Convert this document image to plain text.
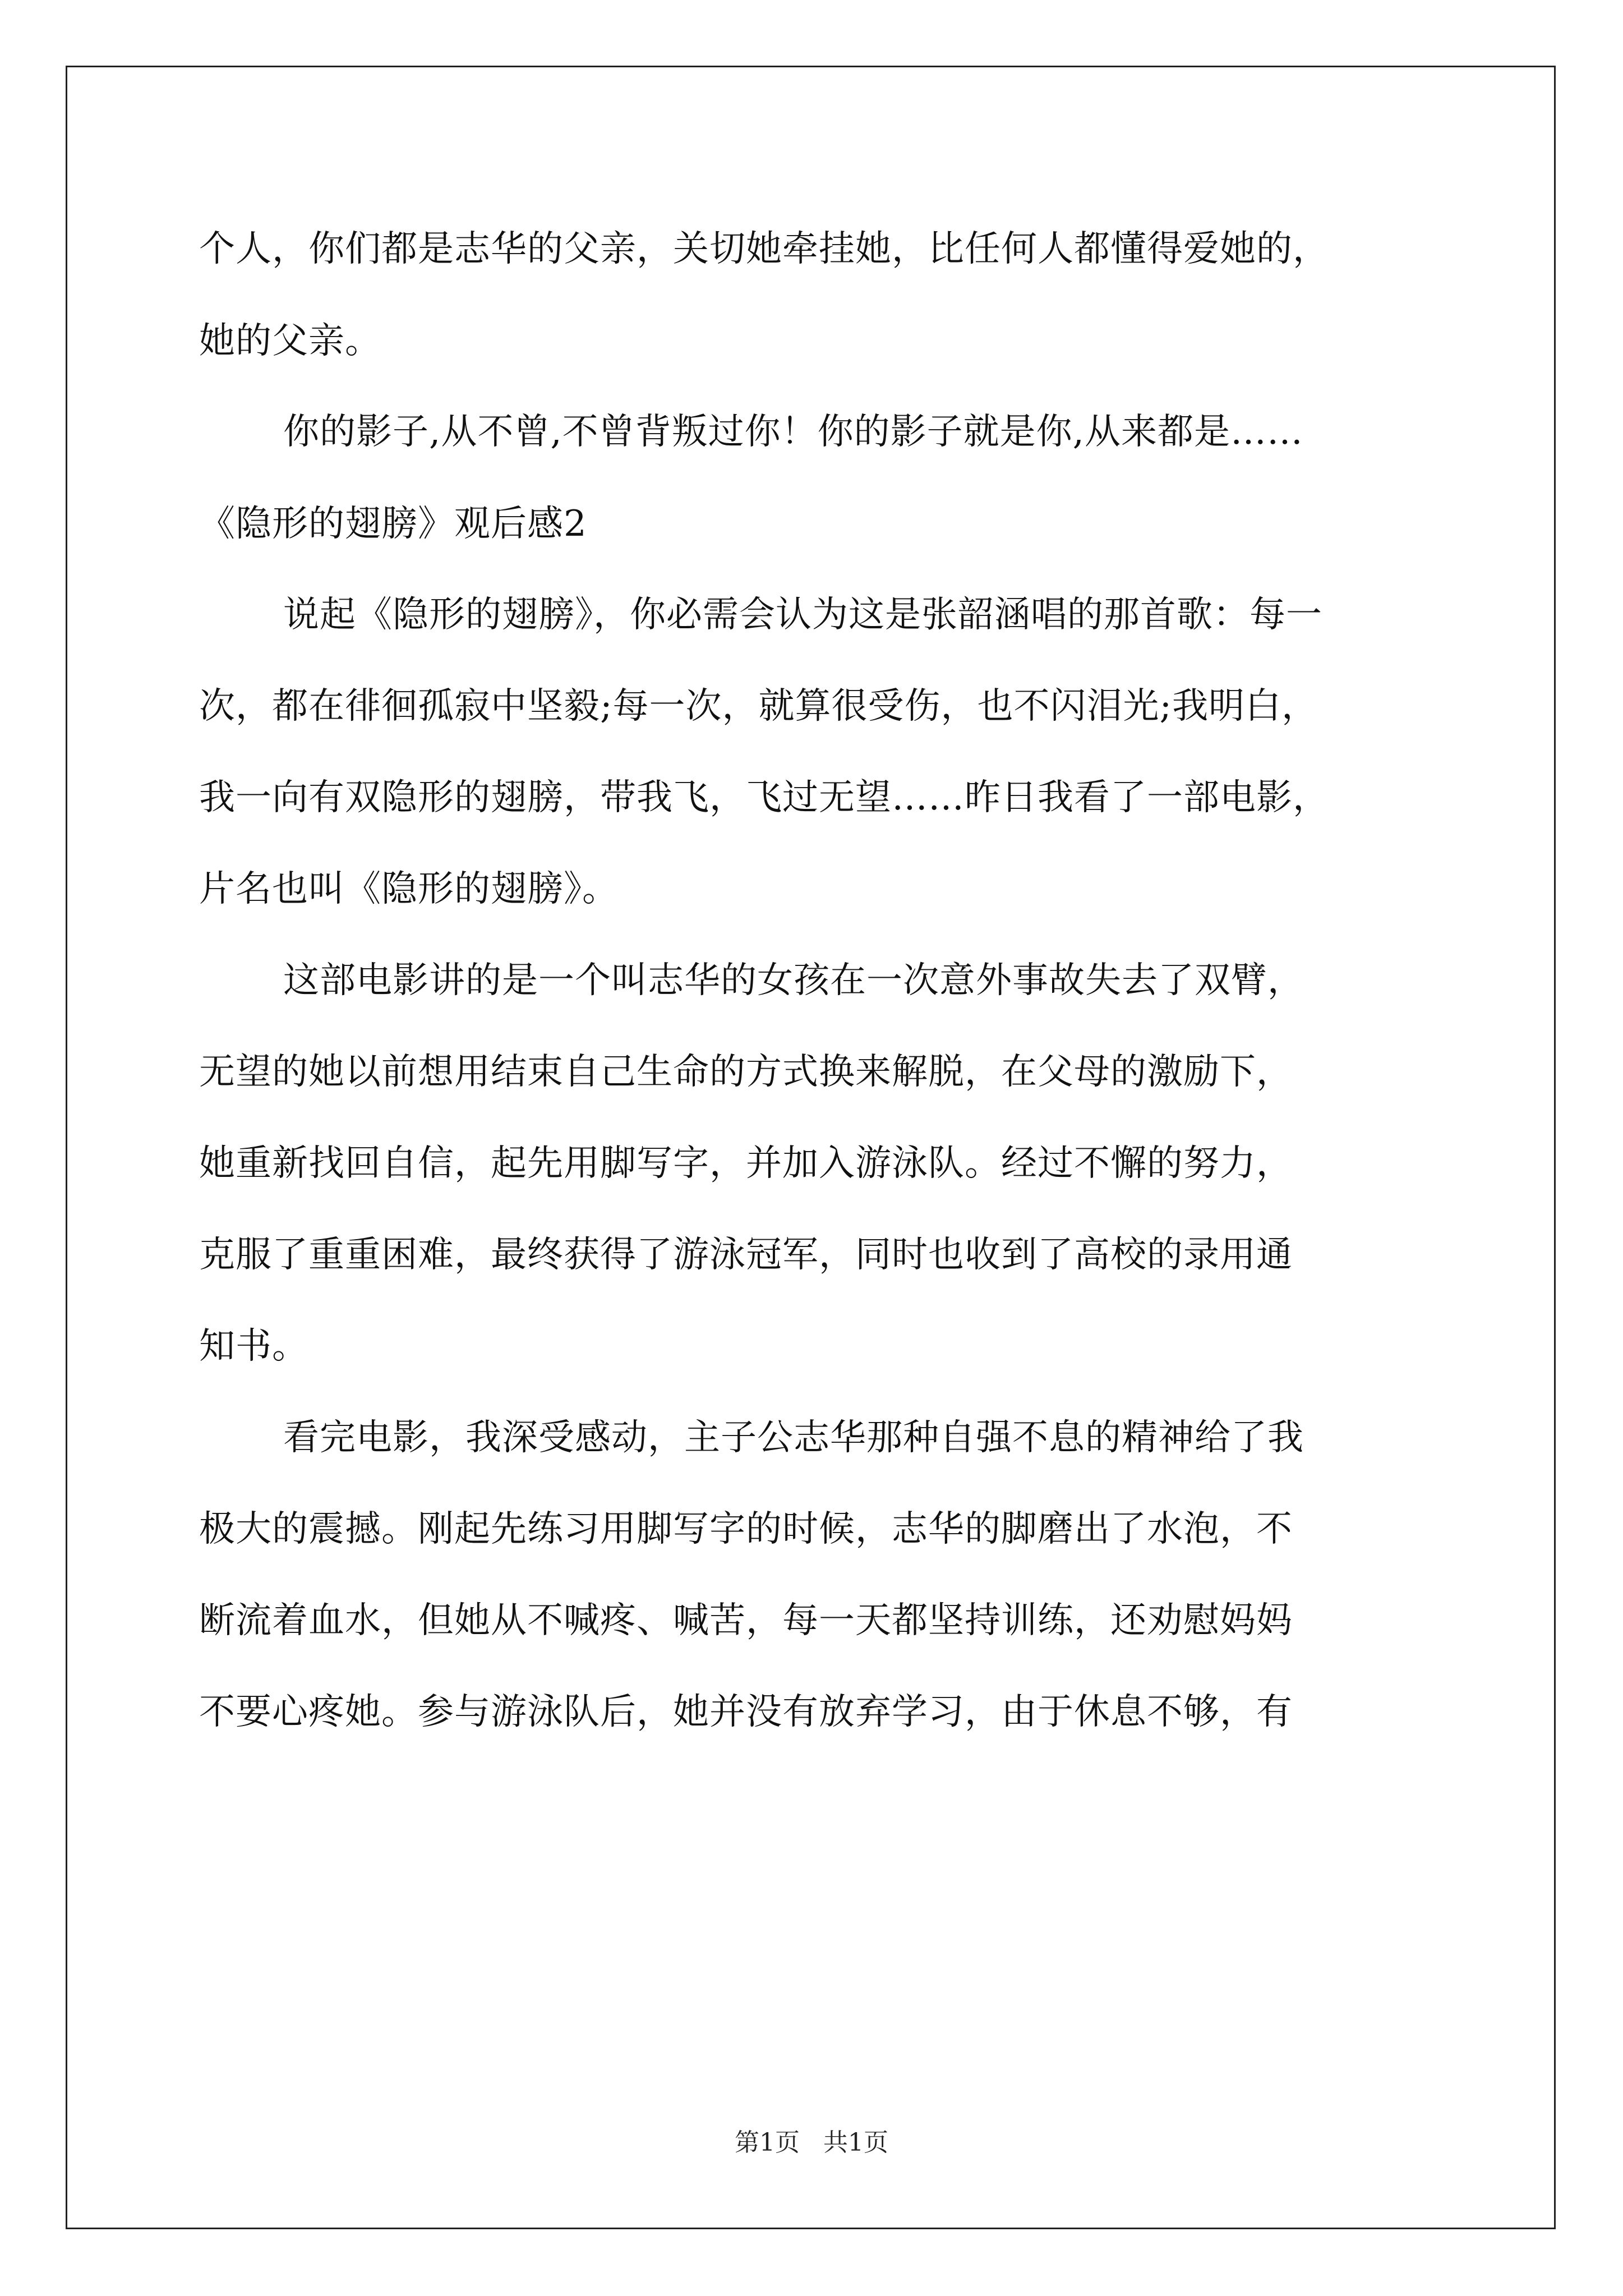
个人，你们都是志华的父亲，关切她牵挂她，比任何人都懂得爱她的，
她的父亲。
你的影子,从不曾,不曾背叛过你！你的影子就是你,从来都是……
《隐形的翅膀》观后感2
说起《隐形的翅膀》，你必需会认为这是张韶涵唱的那首歌：每一
次，都在徘徊孤寂中坚毅;每一次，就算很受伤，也不闪泪光;我明白，
我一向有双隐形的翅膀，带我飞，飞过无望……昨日我看了一部电影，
片名也叫《隐形的翅膀》。
这部电影讲的是一个叫志华的女孩在一次意外事故失去了双臂，
无望的她以前想用结束自己生命的方式换来解脱，在父母的激励下，
她重新找回自信，起先用脚写字，并加入游泳队。经过不懈的努力，
克服了重重困难，最终获得了游泳冠军，同时也收到了高校的录用通
知书。
看完电影，我深受感动，主子公志华那种自强不息的精神给了我
极大的震撼。刚起先练习用脚写字的时候，志华的脚磨出了水泡，不
断流着血水，但她从不喊疼、喊苦，每一天都坚持训练，还劝慰妈妈
不要心疼她。参与游泳队后，她并没有放弃学习，由于休息不够，有
第1页 共1页
